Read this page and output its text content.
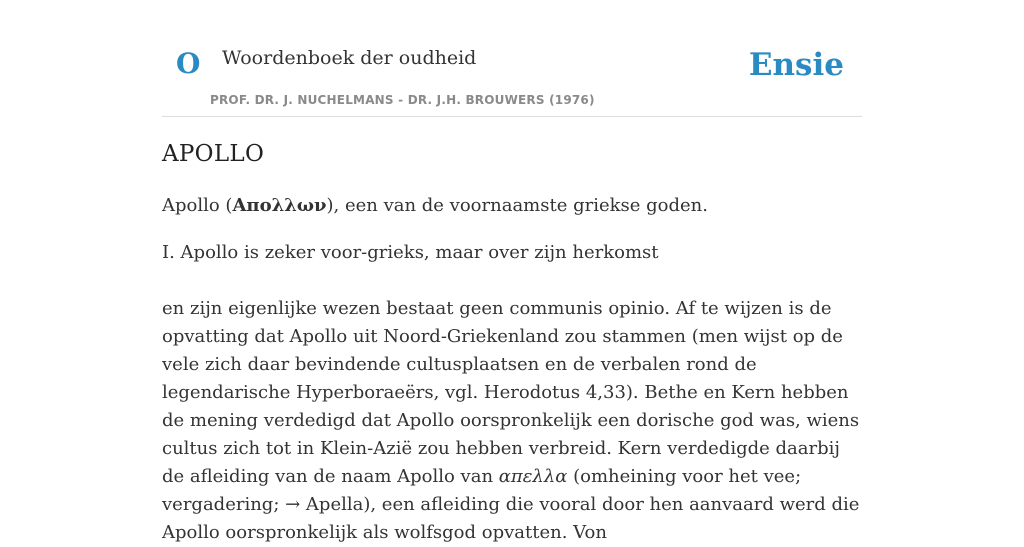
O Woordenboek der oudheid
PROF. DR. J. NUCHELMANS - DR. J.H. BROUWERS (1976)
Ensie
APOLLO

Apollo (Απολλων), een van de voornaamste griekse goden.

I. Apollo is zeker voor-grieks, maar over zijn herkomst

en zijn eigenlijke wezen bestaat geen communis opinio. Af te wijzen is de opvatting dat Apollo uit Noord-Griekenland zou stammen (men wijst op de vele zich daar bevindende cultusplaatsen en de verbalen rond de legendarische Hyperboraeërs, vgl. Herodotus 4,33). Bethe en Kern hebben de mening verdedigd dat Apollo oorspronkelijk een dorische god was, wiens cultus zich tot in Klein-Azië zou hebben verbreid. Kern verdedigde daarbij de afleiding van de naam Apollo van απελλα (omheining voor het vee; vergadering; → Apella), een afleiding die vooral door hen aanvaard werd die Apollo oorspronkelijk als wolfsgod opvatten. Von
